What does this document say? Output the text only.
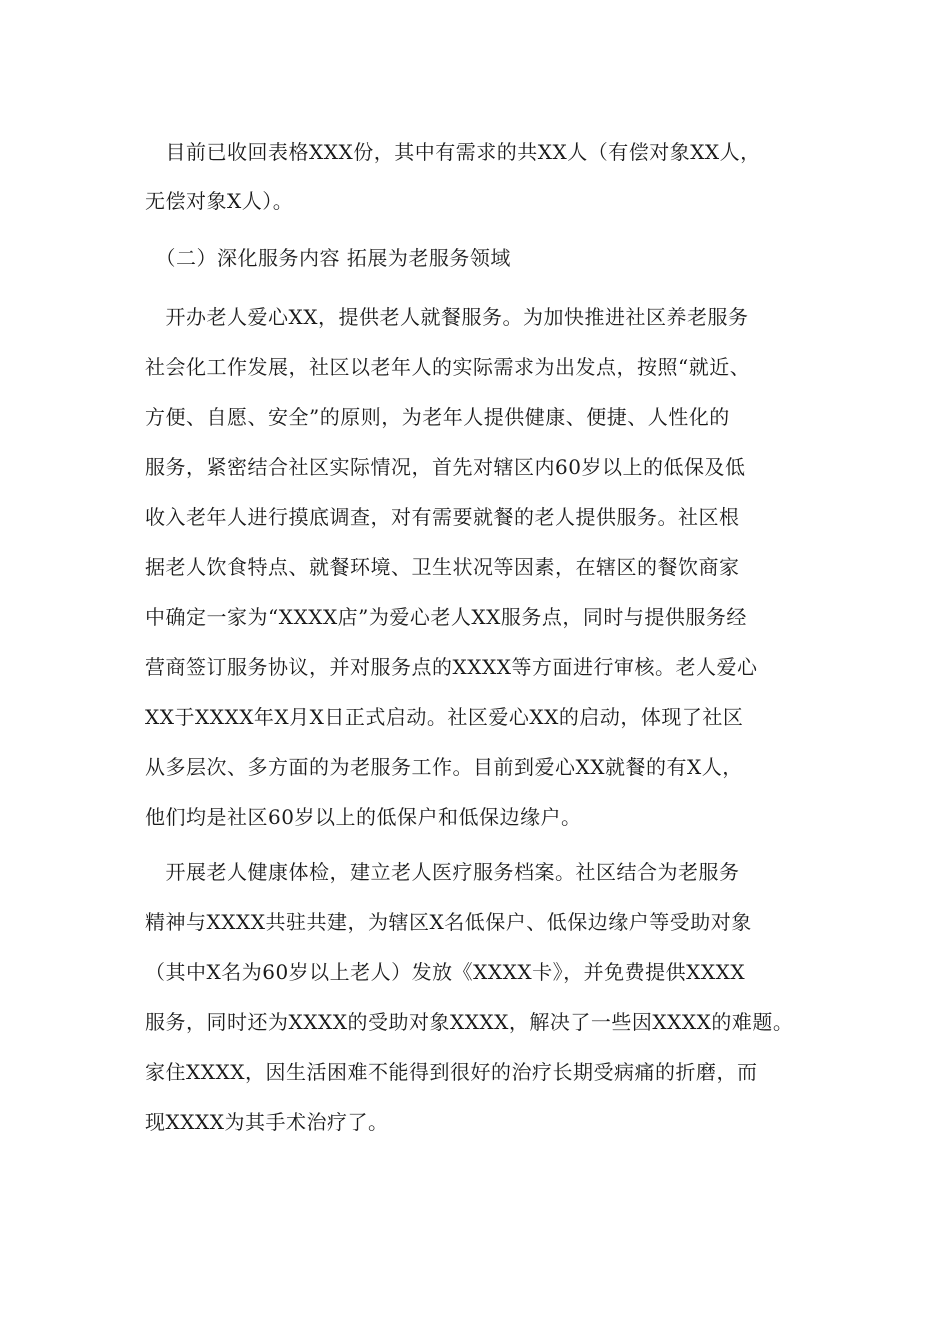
　目前已收回表格XXX份，其中有需求的共XX人（有偿对象XX人，
无偿对象X人）。
　（二）深化服务内容 拓展为老服务领域
　开办老人爱心XX，提供老人就餐服务。为加快推进社区养老服务
社会化工作发展，社区以老年人的实际需求为出发点，按照“就近、
方便、自愿、安全”的原则，为老年人提供健康、便捷、人性化的
服务，紧密结合社区实际情况，首先对辖区内60岁以上的低保及低
收入老年人进行摸底调查，对有需要就餐的老人提供服务。社区根
据老人饮食特点、就餐环境、卫生状况等因素，在辖区的餐饮商家
中确定一家为“XXXX店”为爱心老人XX服务点，同时与提供服务经
营商签订服务协议，并对服务点的XXXX等方面进行审核。老人爱心
XX于XXXX年X月X日正式启动。社区爱心XX的启动，体现了社区
从多层次、多方面的为老服务工作。目前到爱心XX就餐的有X人，
他们均是社区60岁以上的低保户和低保边缘户。
　开展老人健康体检，建立老人医疗服务档案。社区结合为老服务
精神与XXXX共驻共建，为辖区X名低保户、低保边缘户等受助对象
（其中X名为60岁以上老人）发放《XXXX卡》，并免费提供XXXX
服务，同时还为XXXX的受助对象XXXX，解决了一些因XXXX的难题。
家住XXXX，因生活困难不能得到很好的治疗长期受病痛的折磨，而
现XXXX为其手术治疗了。
